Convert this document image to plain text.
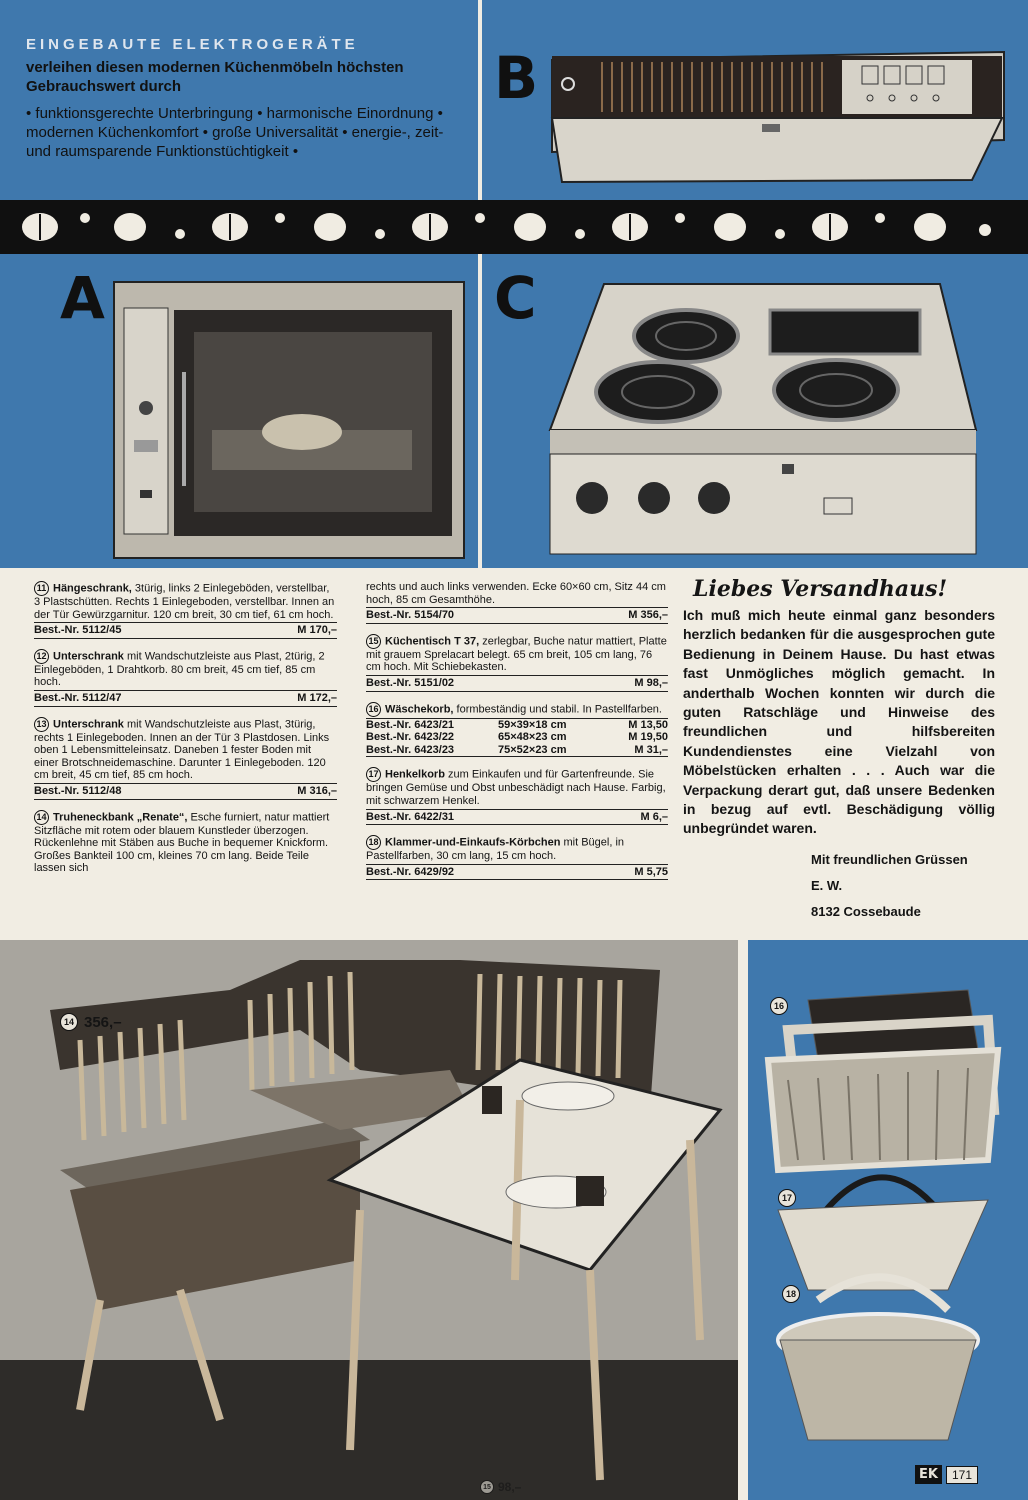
EINGEBAUTE ELEKTROGERÄTE
verleihen diesen modernen Küchenmöbeln höchsten Gebrauchswert durch
• funktionsgerechte Unterbringung • harmonische Einordnung • modernen Küchenkomfort • große Universalität • energie-, zeit- und raumsparende Funktionstüchtigkeit •
B
A	C
11 Hängeschrank, 3türig, links 2 Einlegeböden, verstellbar, 3 Plastschütten. Rechts 1 Einlegeboden, verstellbar. Innen an der Tür Gewürzgarnitur. 120 cm breit, 30 cm tief, 61 cm hoch.
Best.-Nr. 5112/45	M 170,–
12 Unterschrank mit Wandschutzleiste aus Plast, 2türig, 2 Einlegeböden, 1 Drahtkorb. 80 cm breit, 45 cm tief, 85 cm hoch.
Best.-Nr. 5112/47	M 172,–
13 Unterschrank mit Wandschutzleiste aus Plast, 3türig, rechts 1 Einlegeboden. Innen an der Tür 3 Plastdosen. Links oben 1 Lebensmitteleinsatz. Daneben 1 fester Boden mit einer Brotschneidemaschine. Darunter 1 Einlegeboden. 120 cm breit, 45 cm tief, 85 cm hoch.
Best.-Nr. 5112/48	M 316,–
14 Truheneckbank „Renate“, Esche furniert, natur mattiert Sitzfläche mit rotem oder blauem Kunstleder überzogen. Rückenlehne mit Stäben aus Buche in bequemer Knickform. Großes Bankteil 100 cm, kleines 70 cm lang. Beide Teile lassen sich
rechts und auch links verwenden. Ecke 60×60 cm, Sitz 44 cm hoch, 85 cm Gesamthöhe.
Best.-Nr. 5154/70	M 356,–
15 Küchentisch T 37, zerlegbar, Buche natur mattiert, Platte mit grauem Sprelacart belegt. 65 cm breit, 105 cm lang, 76 cm hoch. Mit Schiebekasten.
Best.-Nr. 5151/02	M 98,–
16 Wäschekorb, formbeständig und stabil. In Pastellfarben.
Best.-Nr. 6423/21	59×39×18 cm	M 13,50
Best.-Nr. 6423/22	65×48×23 cm	M 19,50
Best.-Nr. 6423/23	75×52×23 cm	M 31,–
17 Henkelkorb zum Einkaufen und für Gartenfreunde. Sie bringen Gemüse und Obst unbeschädigt nach Hause. Farbig, mit schwarzem Henkel.
Best.-Nr. 6422/31	M 6,–
18 Klammer-und-Einkaufs-Körbchen mit Bügel, in Pastellfarben, 30 cm lang, 15 cm hoch.
Best.-Nr. 6429/92	M 5,75
Liebes Versandhaus!
Ich muß mich heute einmal ganz besonders herzlich bedanken für die ausgesprochen gute Bedienung in Deinem Hause. Du hast etwas fast Unmögliches möglich gemacht. In anderthalb Wochen konnten wir durch die guten Ratschläge und Hinweise des freundlichen und hilfsbereiten Kundendienstes eine Vielzahl von Möbelstücken erhalten . . . Auch war die Verpackung derart gut, daß unsere Bedenken in bezug auf evtl. Beschädigung völlig unbegründet waren.
Mit freundlichen Grüssen
E. W.
8132 Cossebaude
14 356,–
15 98,–
16
17
18
EK	171
